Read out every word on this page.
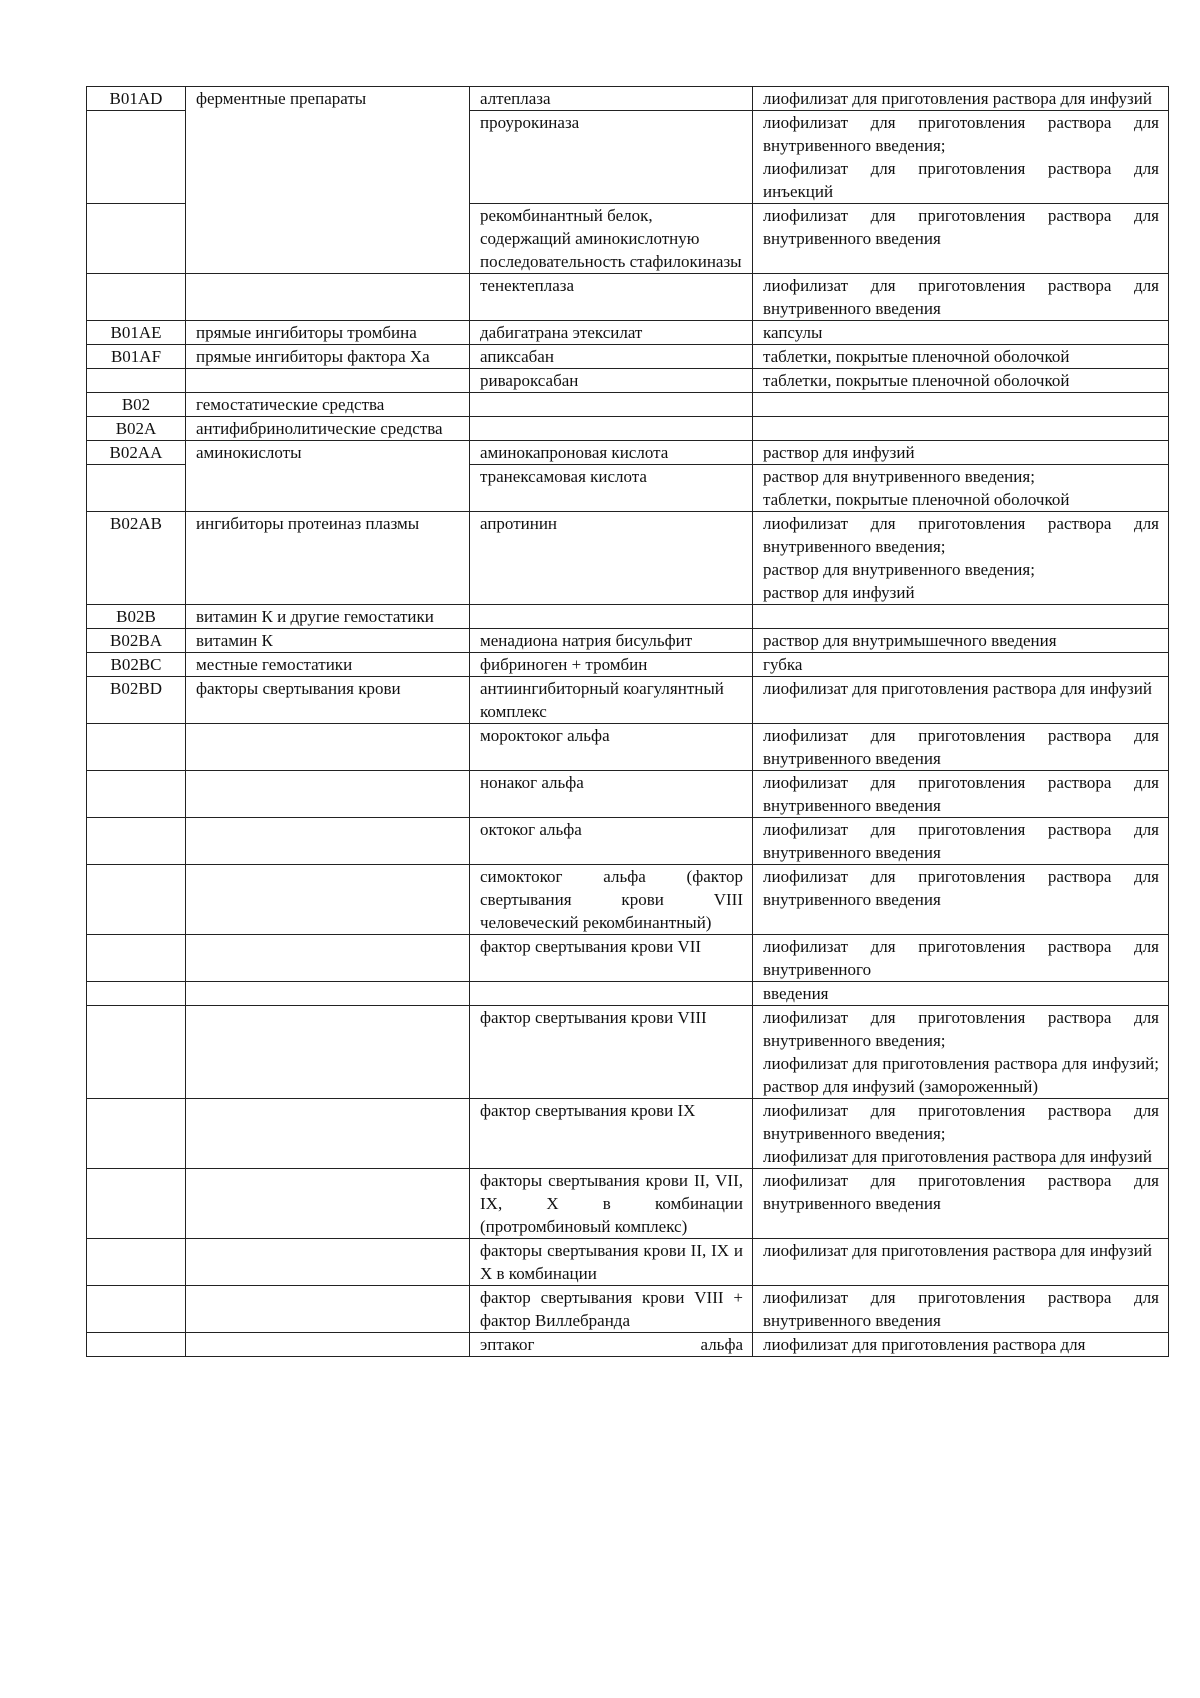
B01AD	ферментные препараты	алтеплаза	лиофилизат для приготовления раствора для инфузий
		проурокиназа	лиофилизат для приготовления раствора для внутривенного введения;
лиофилизат для приготовления раствора для инъекций
		рекомбинантный белок, содержащий аминокислотную последовательность стафилокиназы	лиофилизат для приготовления раствора для внутривенного введения
		тенектеплаза	лиофилизат для приготовления раствора для внутривенного введения
B01AE	прямые ингибиторы тромбина	дабигатрана этексилат	капсулы
B01AF	прямые ингибиторы фактора Xa	апиксабан	таблетки, покрытые пленочной оболочкой
		ривароксабан	таблетки, покрытые пленочной оболочкой
B02	гемостатические средства		
B02A	антифибринолитические средства		
B02AA	аминокислоты	аминокапроновая кислота	раствор для инфузий
		транексамовая кислота	раствор для внутривенного введения;
таблетки, покрытые пленочной оболочкой
B02AB	ингибиторы протеиназ плазмы	апротинин	лиофилизат для приготовления раствора для внутривенного введения;
раствор для внутривенного введения;
раствор для инфузий
B02B	витамин К и другие гемостатики		
B02BA	витамин К	менадиона натрия бисульфит	раствор для внутримышечного введения
B02BC	местные гемостатики	фибриноген + тромбин	губка
B02BD	факторы свертывания крови	антиингибиторный коагулянтный комплекс	лиофилизат для приготовления раствора для инфузий
		мороктоког альфа	лиофилизат для приготовления раствора для внутривенного введения
		нонаког альфа	лиофилизат для приготовления раствора для внутривенного введения
		октоког альфа	лиофилизат для приготовления раствора для внутривенного введения
		симоктоког альфа (фактор свертывания крови VIII человеческий рекомбинантный)	лиофилизат для приготовления раствора для внутривенного введения
		фактор свертывания крови VII	лиофилизат для приготовления раствора для внутривенного
			введения
		фактор свертывания крови VIII	лиофилизат для приготовления раствора для внутривенного введения;
лиофилизат для приготовления раствора для инфузий; раствор для инфузий (замороженный)
		фактор свертывания крови IX	лиофилизат для приготовления раствора для внутривенного введения;
лиофилизат для приготовления раствора для инфузий
		факторы свертывания крови II, VII, IX, X в комбинации (протромбиновый комплекс)	лиофилизат для приготовления раствора для внутривенного введения
		факторы свертывания крови II, IX и X в комбинации	лиофилизат для приготовления раствора для инфузий
		фактор свертывания крови VIII + фактор Виллебранда	лиофилизат для приготовления раствора для внутривенного введения
		эптаког альфа	лиофилизат для приготовления раствора для
